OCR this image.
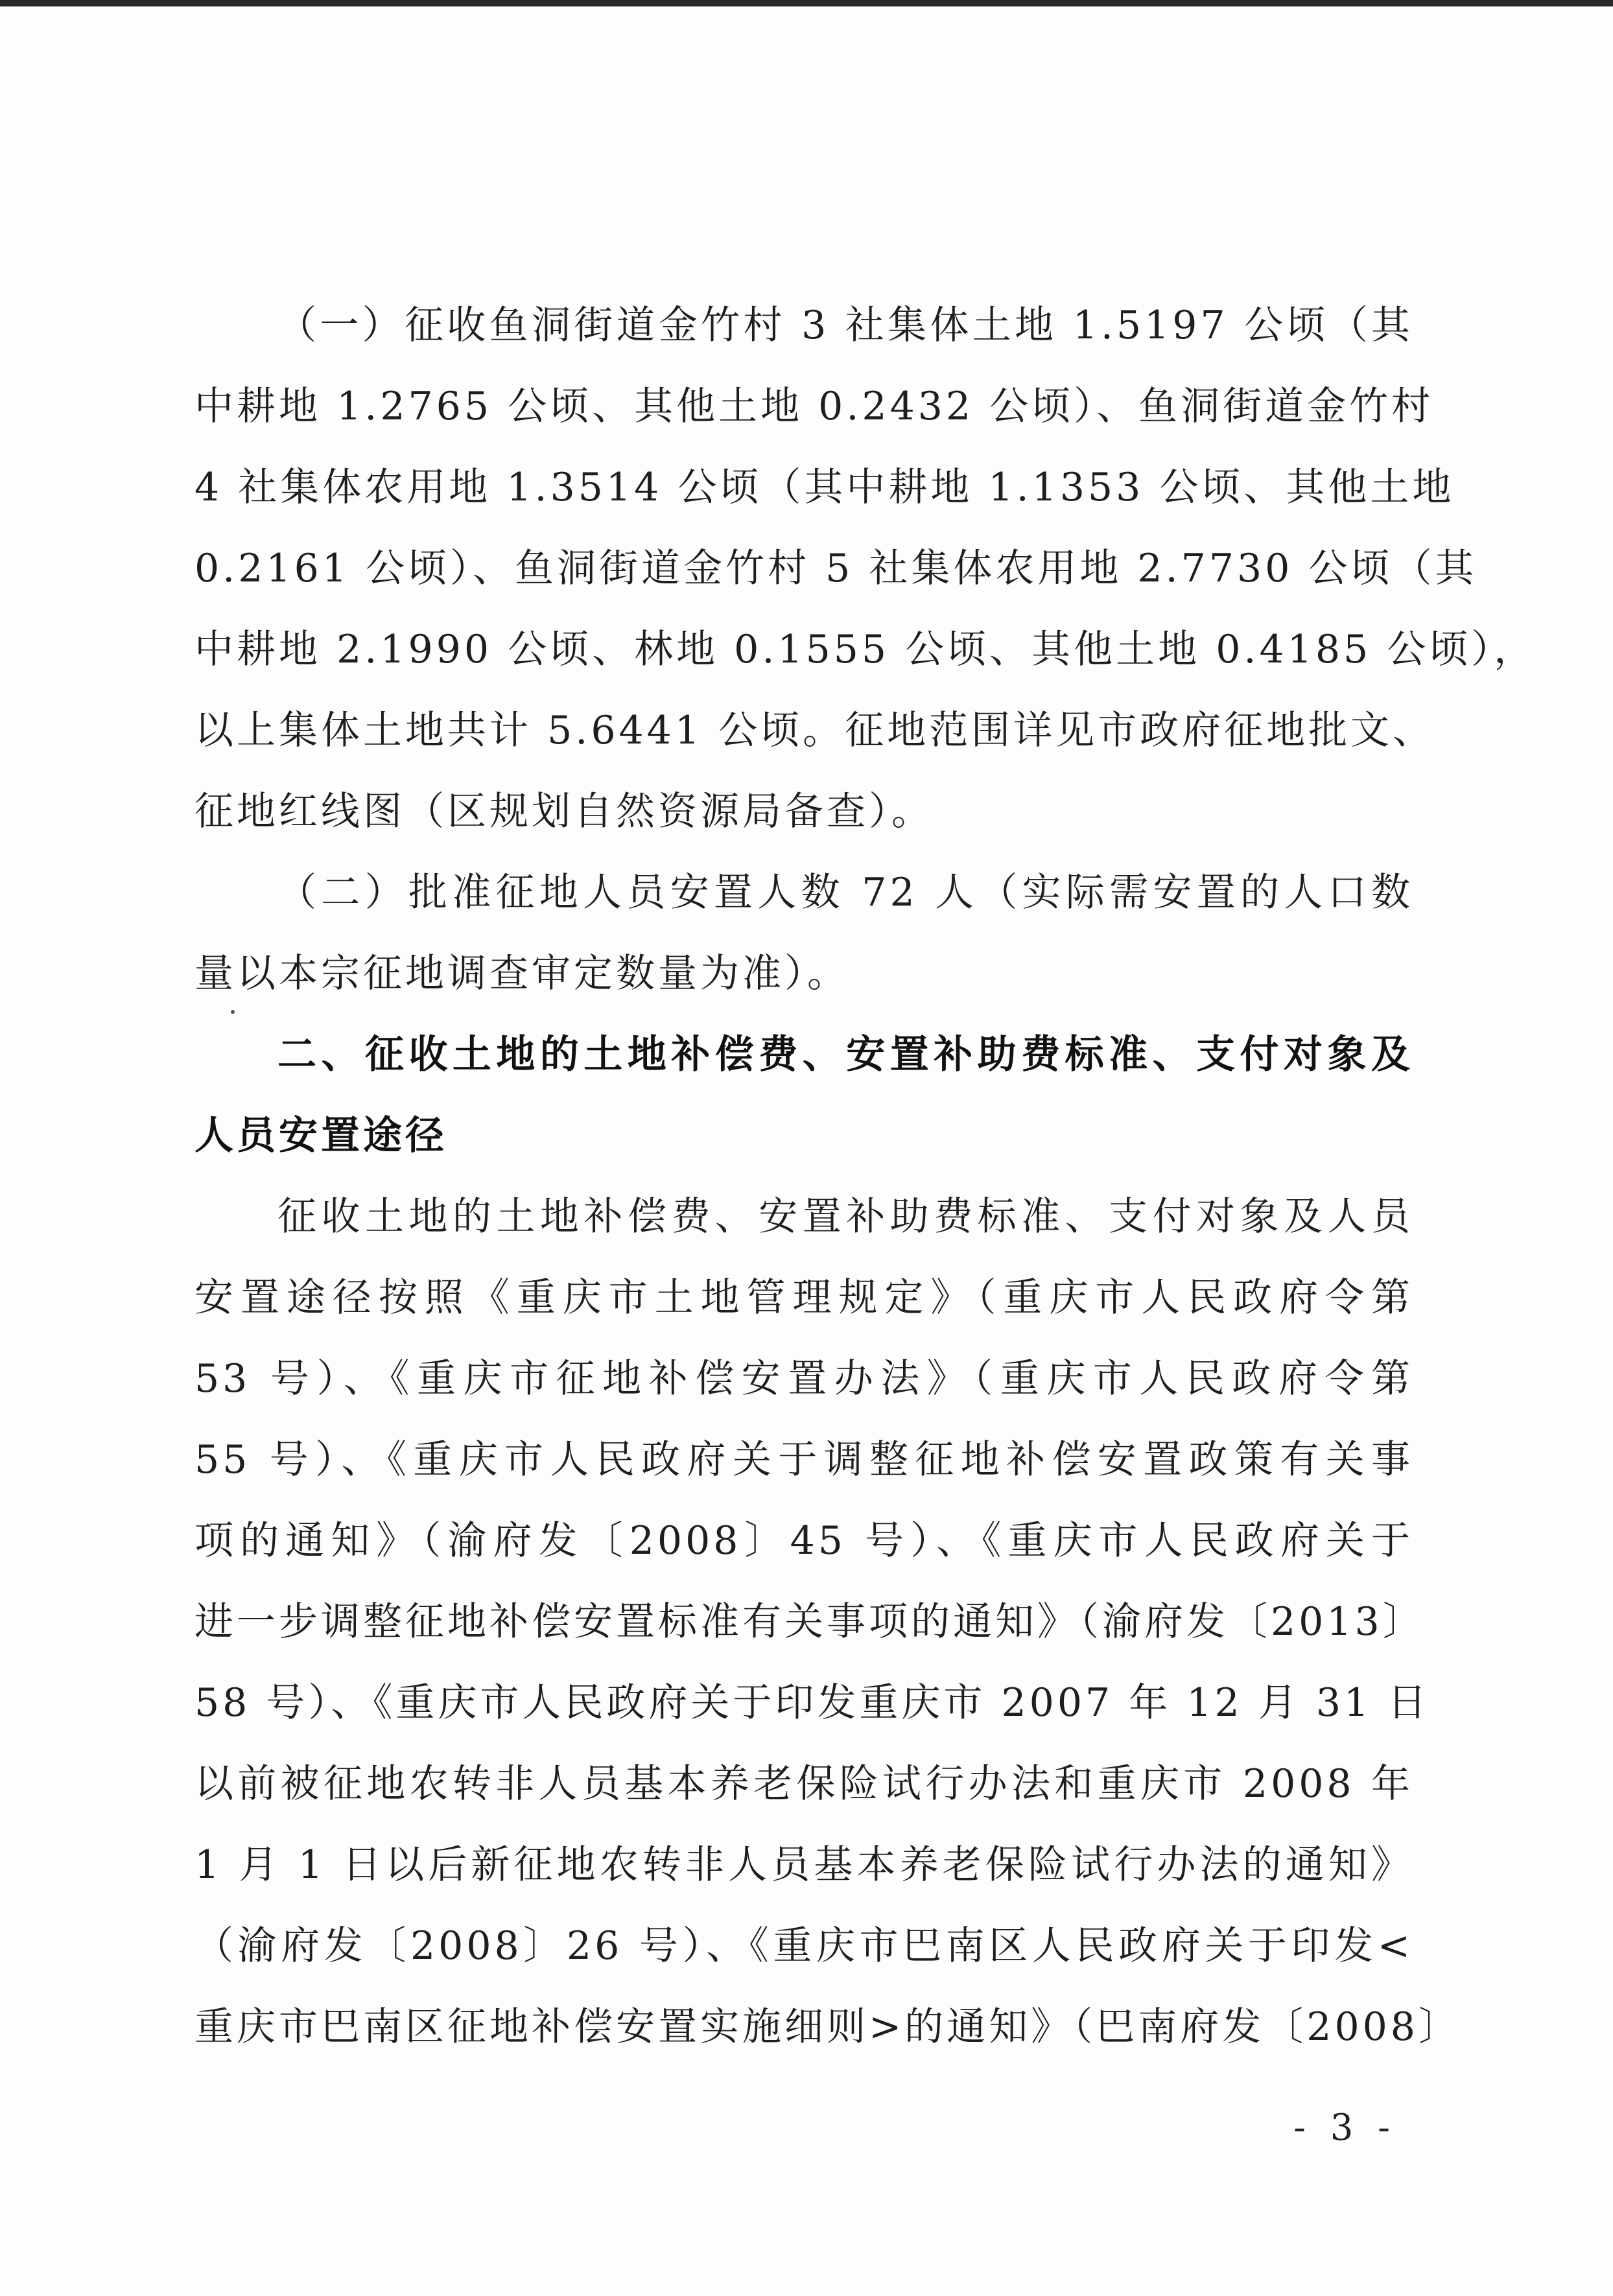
（一）征收鱼洞街道金竹村 3 社集体土地 1.5197 公顷（其
中耕地 1.2765 公顷、其他土地 0.2432 公顷）、鱼洞街道金竹村
4 社集体农用地 1.3514 公顷（其中耕地 1.1353 公顷、其他土地
0.2161 公顷）、鱼洞街道金竹村 5 社集体农用地 2.7730 公顷（其
中耕地 2.1990 公顷、林地 0.1555 公顷、其他土地 0.4185 公顷），
以上集体土地共计 5.6441 公顷。征地范围详见市政府征地批文、
征地红线图（区规划自然资源局备查）。
（二）批准征地人员安置人数 72 人（实际需安置的人口数
量以本宗征地调查审定数量为准）。
二、征收土地的土地补偿费、安置补助费标准、支付对象及
人员安置途径
征收土地的土地补偿费、安置补助费标准、支付对象及人员
安置途径按照《重庆市土地管理规定》（重庆市人民政府令第
53 号）、《重庆市征地补偿安置办法》（重庆市人民政府令第
55 号）、《重庆市人民政府关于调整征地补偿安置政策有关事
项的通知》（渝府发〔2008〕45 号）、《重庆市人民政府关于
进一步调整征地补偿安置标准有关事项的通知》（渝府发〔2013〕
58 号）、《重庆市人民政府关于印发重庆市 2007 年 12 月 31 日
以前被征地农转非人员基本养老保险试行办法和重庆市 2008 年
1 月 1 日以后新征地农转非人员基本养老保险试行办法的通知》
（渝府发〔2008〕26 号）、《重庆市巴南区人民政府关于印发<
重庆市巴南区征地补偿安置实施细则>的通知》（巴南府发〔2008〕
- 3 -
